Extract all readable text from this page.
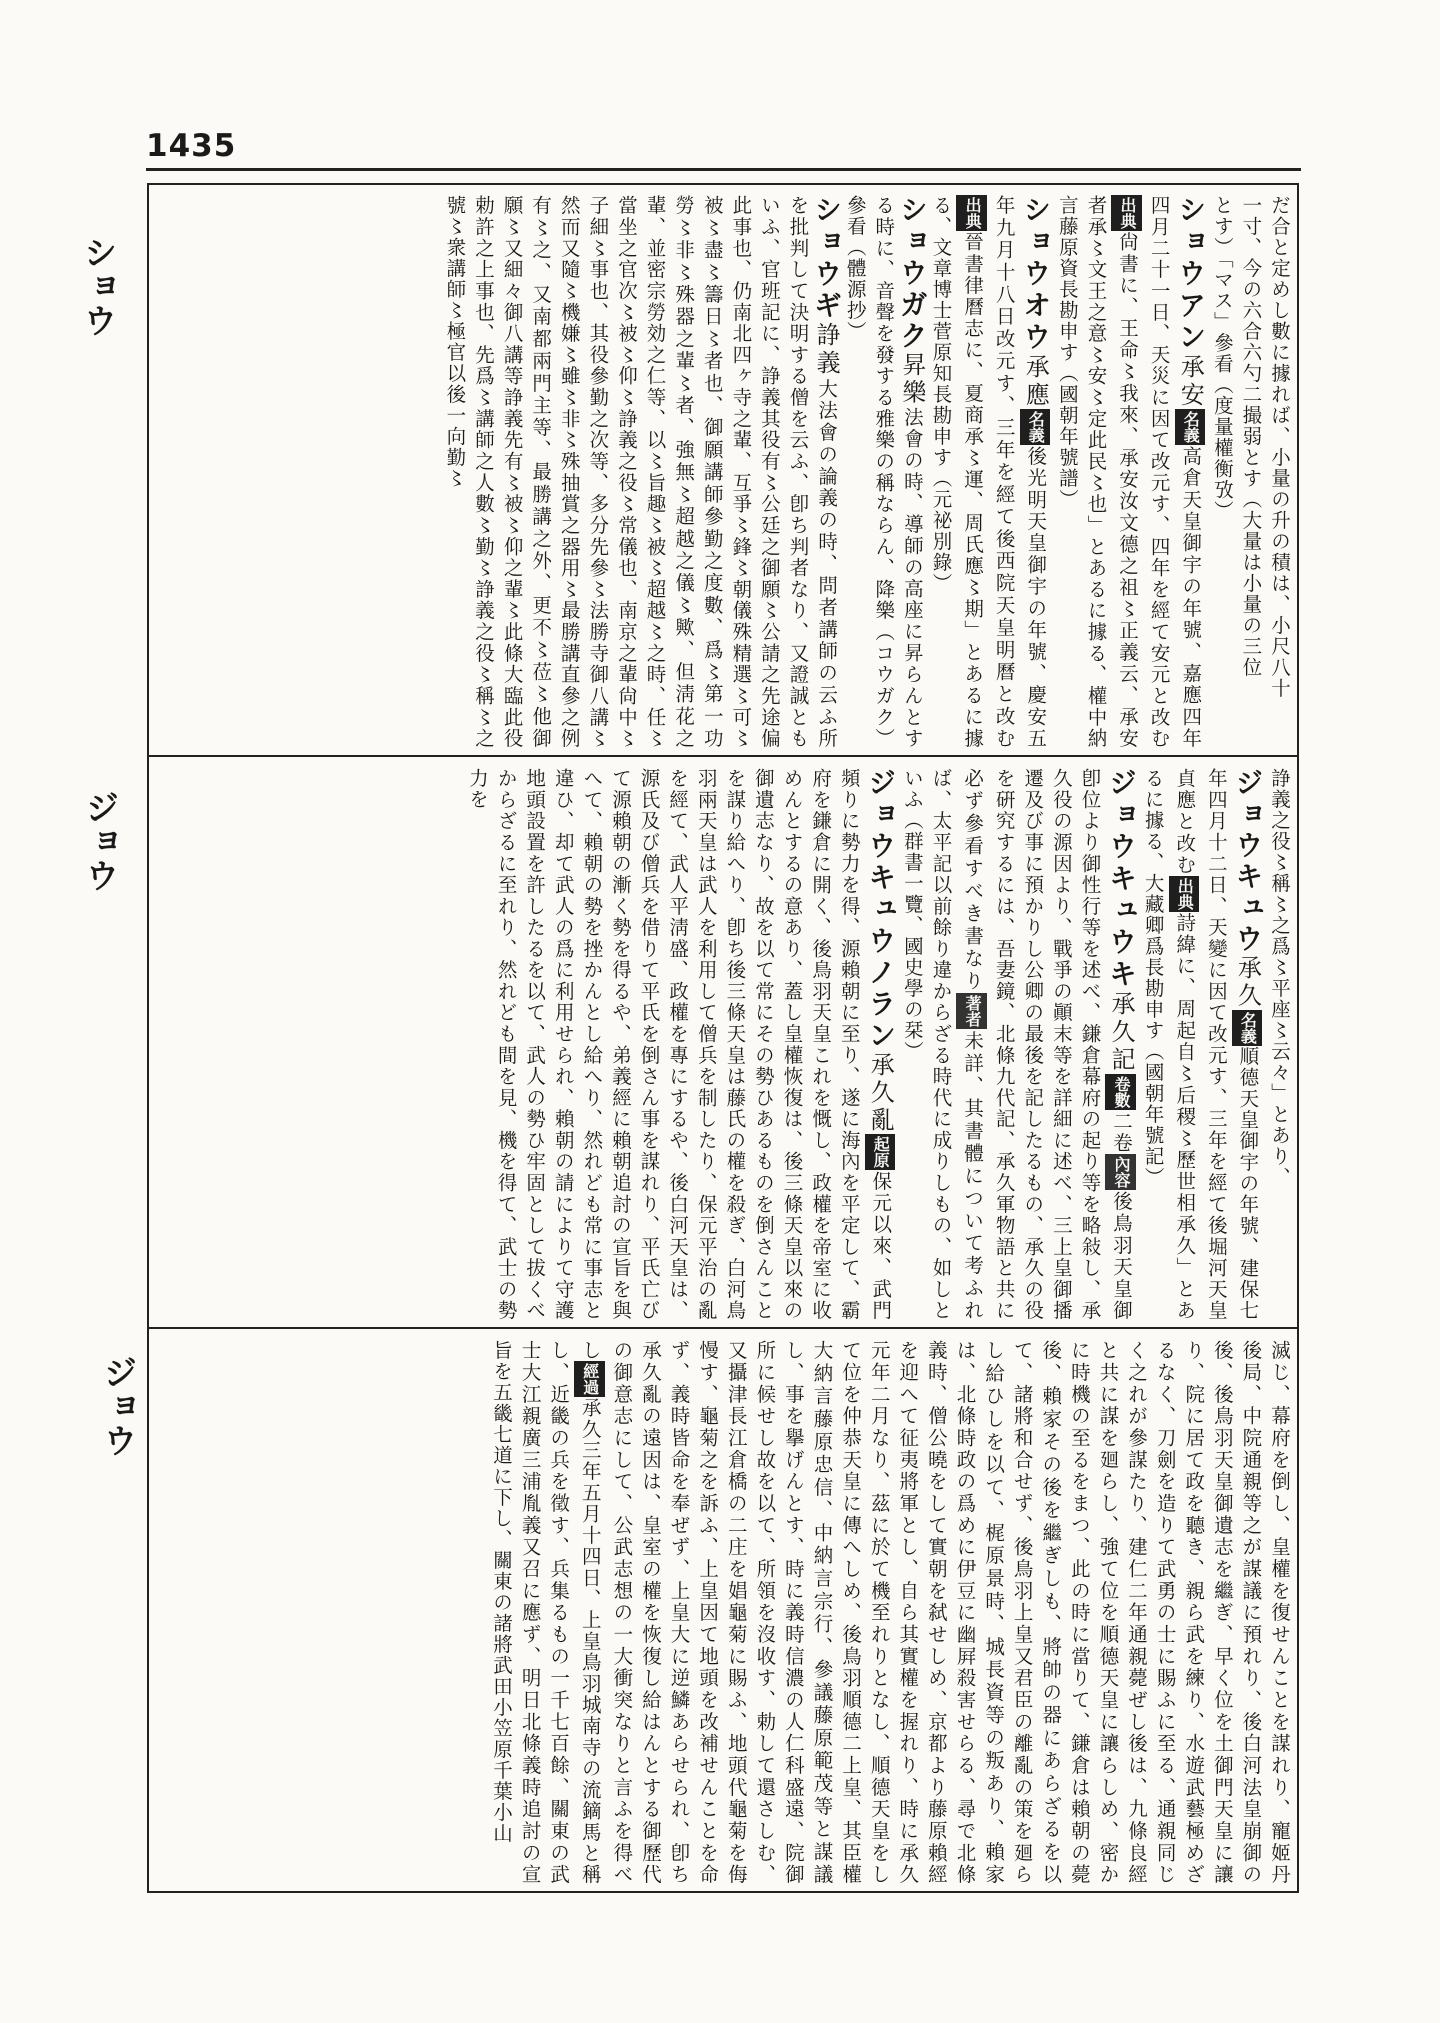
1435
ショウ
ジョウ
ジョウ
だ合と定めし數に據れば、小量の升の積は、小尺八十
一寸、今の六合六勺二撮弱とす（大量は小量の三位
とす）「マス」參看（度量權衡攷）
ショウアン承安名義高倉天皇御宇の年號、嘉應四年四月二十一日、天災に因て改元す、四年を經て安元と改む出典尙書に、王命〻我來、承安汝文德之祖〻正義云、承安者承〻文王之意〻安〻定此民〻也」とあるに據る、權中納言藤原資長勘申す（國朝年號譜）
ショウオウ承應名義後光明天皇御宇の年號、慶安五年九月十八日改元す、三年を經て後西院天皇明曆と改む出典晉書律曆志に、夏商承〻運、周氏應〻期」とあるに據る、文章博士菅原知長勘申す（元祕別錄）
ショウガク昇樂法會の時、導師の高座に昇らんとする時に、音聲を發する雅樂の稱ならん、降樂（コウガク）參看（體源抄）
ショウギ諍義大法會の論義の時、問者講師の云ふ所を批判して決明する僧を云ふ、卽ち判者なり、又證誠ともいふ、官班記に、諍義其役有〻公廷之御願〻公請之先途偏此事也、仍南北四ヶ寺之輩、互爭〻鋒〻朝儀殊精選〻可〻被〻盡〻籌日〻者也、御願講師參勤之度數、爲〻第一功勞〻非〻殊器之輩〻者、強無〻超越之儀〻歟、但淸花之輩、並密宗勞効之仁等、以〻旨趣〻被〻超越〻之時、任〻當坐之官次〻被〻仰〻諍義之役〻常儀也、南京之輩尙中〻子細〻事也、其役參勤之次等、多分先參〻法勝寺御八講〻然而又隨〻機嫌〻雖〻非〻殊抽賞之器用〻最勝講直參之例有〻之、又南都兩門主等、最勝講之外、更不〻莅〻他御願〻又細々御八講等諍義先有〻被〻仰之輩〻此條大臨此役勅許之上事也、先爲〻講師之人數〻勤〻諍義之役〻稱〻之號〻衆講師〻極官以後一向勤〻
諍義之役〻稱〻之爲〻平座〻云々」とあり、
ジョウキュウ承久名義順德天皇御宇の年號、建保七年四月十二日、天變に因て改元す、三年を經て後堀河天皇貞應と改む出典詩緯に、周起自〻后稷〻歷世相承久」とあるに據る、大藏卿爲長勘申す（國朝年號記）
ジョウキュウキ承久記卷數二卷內容後鳥羽天皇御卽位より御性行等を述べ、鎌倉幕府の起り等を略敍し、承久役の源因より、戰爭の顚末等を詳細に述べ、三上皇御播遷及び事に預かりし公卿の最後を記したるもの、承久の役を硏究するには、吾妻鏡、北條九代記、承久軍物語と共に必ず參看すべき書なり著者未詳、其書體について考ふれば、太平記以前餘り違からざる時代に成りしもの、如しといふ（群書一覽、國史學の栞）
ジョウキュウノラン承久亂起原保元以來、武門頻りに勢力を得、源賴朝に至り、遂に海內を平定して、霸府を鎌倉に開く、後鳥羽天皇これを慨し、政權を帝室に收めんとするの意あり、蓋し皇權恢復は、後三條天皇以來の御遺志なり、故を以て常にその勢ひあるものを倒さんことを謀り給へり、卽ち後三條天皇は藤氏の權を殺ぎ、白河鳥羽兩天皇は武人を利用して僧兵を制したり、保元平治の亂を經て、武人平淸盛、政權を專にするや、後白河天皇は、源氏及び僧兵を借りて平氏を倒さん事を謀れり、平氏亡びて源賴朝の漸く勢を得るや、弟義經に賴朝追討の宣旨を與へて、賴朝の勢を挫かんとし給へり、然れども常に事志と違ひ、却て武人の爲に利用せられ、賴朝の請によりて守護地頭設置を許したるを以て、武人の勢ひ牢固として拔くべからざるに至れり、然れども間を見、機を得て、武士の勢力を
滅じ、幕府を倒し、皇權を復せんことを謀れり、寵姬丹後局、中院通親等之が謀議に預れり、後白河法皇崩御の後、後鳥羽天皇御遺志を繼ぎ、早く位を土御門天皇に讓り、院に居て政を聽き、親ら武を練り、水遊武藝極めざるなく、刀劍を造りて武勇の士に賜ふに至る、通親同じく之れが參謀たり、建仁二年通親薨ぜし後は、九條良經と共に謀を廻らし、強て位を順德天皇に讓らしめ、密かに時機の至るをまつ、此の時に當りて、鎌倉は賴朝の薨後、賴家その後を繼ぎしも、將帥の器にあらざるを以て、諸將和合せず、後鳥羽上皇又君臣の離亂の策を廻らし給ひしを以て、梶原景時、城長資等の叛あり、賴家は、北條時政の爲めに伊豆に幽屛殺害せらる、尋で北條義時、僧公曉をして實朝を弑せしめ、京都より藤原賴經を迎へて征夷將軍とし、自ら其實權を握れり、時に承久元年二月なり、茲に於て機至れりとなし、順德天皇をして位を仲恭天皇に傳へしめ、後鳥羽順德二上皇、其臣權大納言藤原忠信、中納言宗行、參議藤原範茂等と謀議し、事を擧げんとす、時に義時信濃の人仁科盛遠、院御所に候せし故を以て、所領を沒收す、勅して還さしむ、又攝津長江倉橋の二庄を娼龜菊に賜ふ、地頭代龜菊を侮慢す、龜菊之を訴ふ、上皇因て地頭を改補せんことを命ず、義時皆命を奉ぜず、上皇大に逆鱗あらせられ、卽ち承久亂の遠因は、皇室の權を恢復し給はんとする御歷代の御意志にして、公武志想の一大衝突なりと言ふを得べし經過承久三年五月十四日、上皇鳥羽城南寺の流鏑馬と稱し、近畿の兵を徵す、兵集るもの一千七百餘、關東の武士大江親廣三浦胤義又召に應ず、明日北條義時追討の宣旨を五畿七道に下し、關東の諸將武田小笠原千葉小山
